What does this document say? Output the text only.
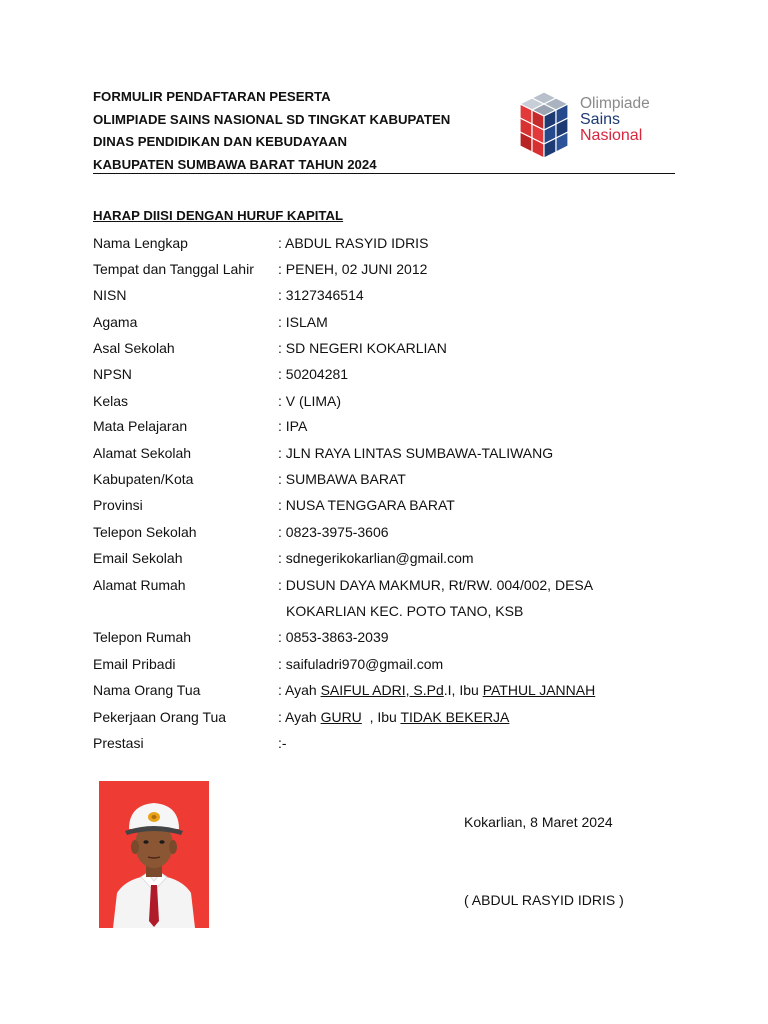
FORMULIR PENDAFTARAN PESERTA
OLIMPIADE SAINS NASIONAL SD TINGKAT KABUPATEN
DINAS PENDIDIKAN DAN KEBUDAYAAN
KABUPATEN SUMBAWA BARAT TAHUN 2024
Olimpiade
Sains
Nasional
HARAP DIISI DENGAN HURUF KAPITAL
Nama Lengkap	: ABDUL RASYID IDRIS
Tempat dan Tanggal Lahir : PENEH, 02 JUNI 2012
NISN	: 3127346514
Agama	: ISLAM
Asal Sekolah	: SD NEGERI KOKARLIAN
NPSN	: 50204281
Kelas	: V (LIMA)
Mata Pelajaran	: IPA
Alamat Sekolah	: JLN RAYA LINTAS SUMBAWA-TALIWANG
Kabupaten/Kota	: SUMBAWA BARAT
Provinsi	: NUSA TENGGARA BARAT
Telepon Sekolah	: 0823-3975-3606
Email Sekolah	: sdnegerikokarlian@gmail.com
Alamat Rumah	: DUSUN DAYA MAKMUR, Rt/RW. 004/002, DESA
KOKARLIAN KEC. POTO TANO, KSB
Telepon Rumah	: 0853-3863-2039
Email Pribadi	: saifuladri970@gmail.com
Nama Orang Tua	: Ayah SAIFUL ADRI, S.Pd.I, Ibu PATHUL JANNAH
Pekerjaan Orang Tua	: Ayah GURU  , Ibu TIDAK BEKERJA
Prestasi	:-
Kokarlian, 8 Maret 2024
( ABDUL RASYID IDRIS )
